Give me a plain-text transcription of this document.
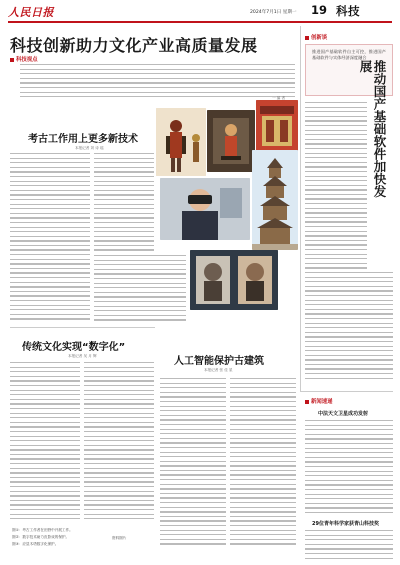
人民日报	2024年7月1日 星期一 19 科技
科技创新助力文化产业高质量发展
科技视点
一 编 者
考古工作用上更多新技术
本报记者 刘 诗 瑶
传统文化实现“数字化”
本报记者 吴 月 辉
图①：考古工作者在田野中开展工作。
图②：数字技术助力皮影戏的保护。
图③：应县木塔数字化保护。
资料图片
人工智能保护古建筑
本报记者 张 佳 星
创新谈
推进国产基础软件自主可控，推进国产基础软件与实体经济深度融合
推动国产基础软件加快发展
新闻速递
中法天文卫星成功发射
29位青年科学家获青山科技奖
